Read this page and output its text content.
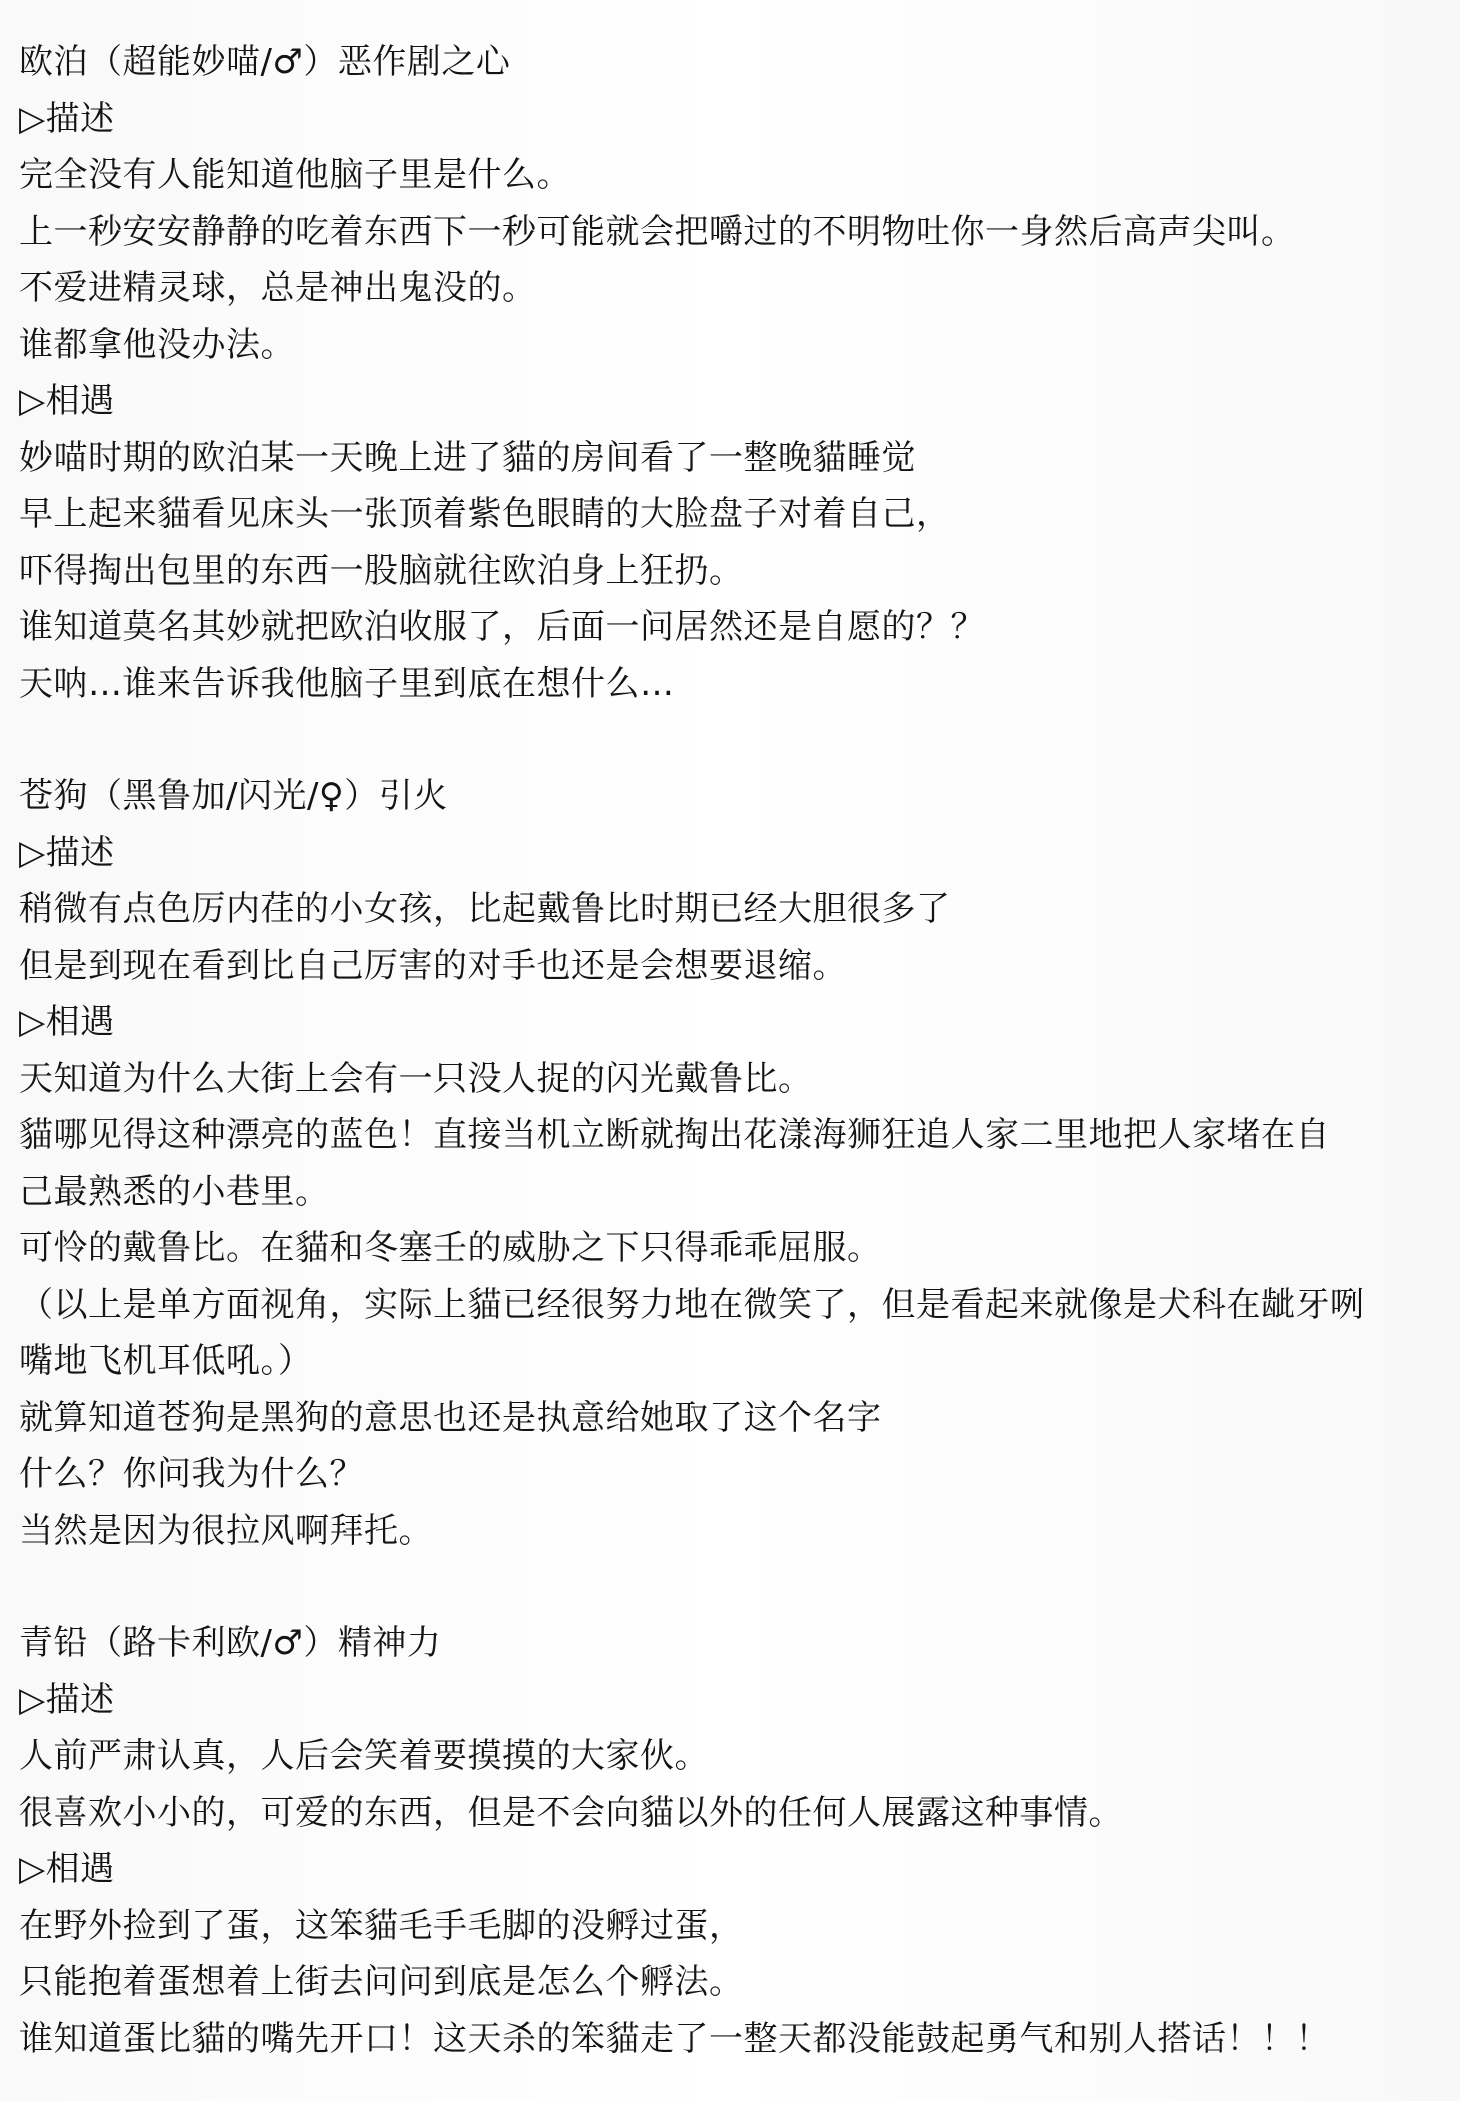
欧泊（超能妙喵/♂）恶作剧之心
▷描述
完全没有人能知道他脑子里是什么。
上一秒安安静静的吃着东西下一秒可能就会把嚼过的不明物吐你一身然后高声尖叫。
不爱进精灵球，总是神出鬼没的。
谁都拿他没办法。
▷相遇
妙喵时期的欧泊某一天晚上进了貓的房间看了一整晚貓睡觉
早上起来貓看见床头一张顶着紫色眼睛的大脸盘子对着自己，
吓得掏出包里的东西一股脑就往欧泊身上狂扔。
谁知道莫名其妙就把欧泊收服了，后面一问居然还是自愿的？？
天呐…谁来告诉我他脑子里到底在想什么…
苍狗（黑鲁加/闪光/♀）引火
▷描述
稍微有点色厉内荏的小女孩，比起戴鲁比时期已经大胆很多了
但是到现在看到比自己厉害的对手也还是会想要退缩。
▷相遇
天知道为什么大街上会有一只没人捉的闪光戴鲁比。
貓哪见得这种漂亮的蓝色！直接当机立断就掏出花漾海狮狂追人家二里地把人家堵在自
己最熟悉的小巷里。
可怜的戴鲁比。在貓和冬塞壬的威胁之下只得乖乖屈服。
（以上是单方面视角，实际上貓已经很努力地在微笑了，但是看起来就像是犬科在龇牙咧
嘴地飞机耳低吼。）
就算知道苍狗是黑狗的意思也还是执意给她取了这个名字
什么？你问我为什么？
当然是因为很拉风啊拜托。
青铅（路卡利欧/♂）精神力
▷描述
人前严肃认真，人后会笑着要摸摸的大家伙。
很喜欢小小的，可爱的东西，但是不会向貓以外的任何人展露这种事情。
▷相遇
在野外捡到了蛋，这笨貓毛手毛脚的没孵过蛋，
只能抱着蛋想着上街去问问到底是怎么个孵法。
谁知道蛋比貓的嘴先开口！这天杀的笨貓走了一整天都没能鼓起勇气和别人搭话！！！
